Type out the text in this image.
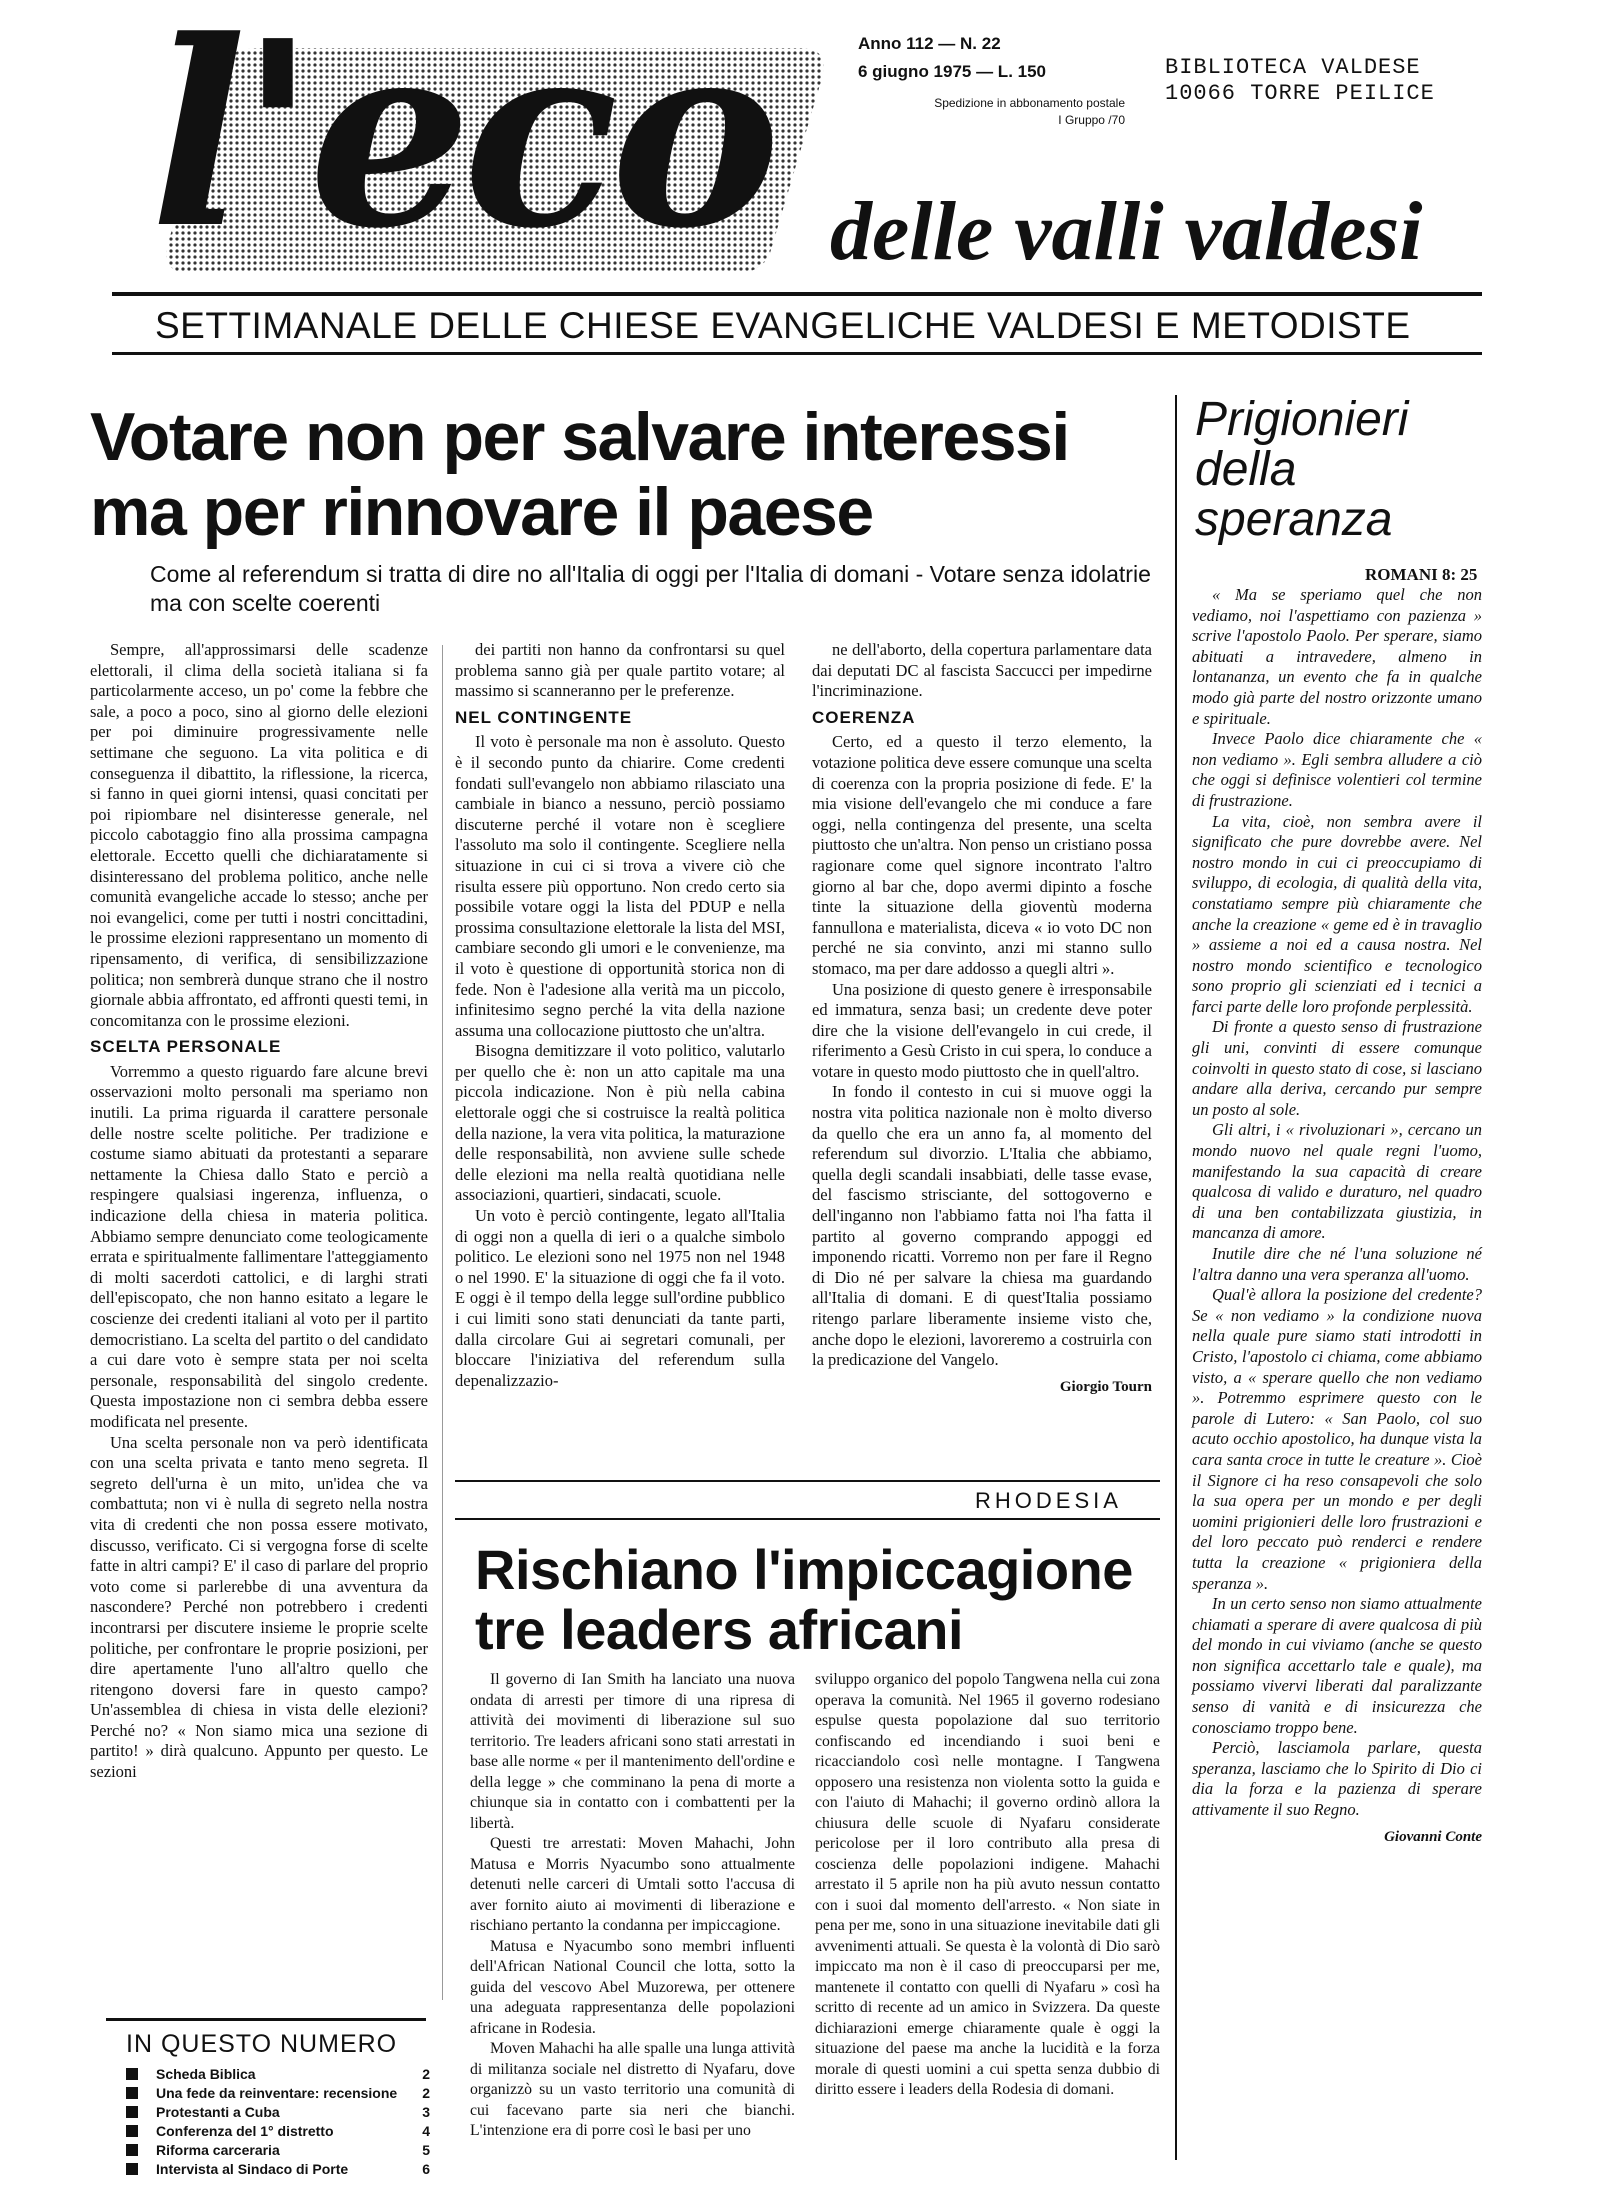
l'eco delle valli valdesi
SETTIMANALE DELLE CHIESE EVANGELICHE VALDESI E METODISTE
Anno 112 — N. 22
6 giugno 1975 — L. 150
Spedizione in abbonamento postale
I Gruppo /70
BIBLIOTECA VALDESE
10066 TORRE PEILICE
Votare non per salvare interessi ma per rinnovare il paese
Come al referendum si tratta di dire no all'Italia di oggi per l'Italia di domani - Votare senza idolatrie ma con scelte coerenti

Sempre, all'approssimarsi delle scadenze elettorali, il clima della società italiana si fa particolarmente acceso, un po' come la febbre che sale, a poco a poco, sino al giorno delle elezioni per poi diminuire progressivamente nelle settimane che seguono. La vita politica e di conseguenza il dibattito, la riflessione, la ricerca, si fanno in quei giorni intensi, quasi concitati per poi ripiombare nel disinteresse generale, nel piccolo cabotaggio fino alla prossima campagna elettorale. Eccetto quelli che dichiaratamente si disinteressano del problema politico, anche nelle comunità evangeliche accade lo stesso; anche per noi evangelici, come per tutti i nostri concittadini, le prossime elezioni rappresentano un momento di ripensamento, di verifica, di sensibilizzazione politica; non sembrerà dunque strano che il nostro giornale abbia affrontato, ed affronti questi temi, in concomitanza con le prossime elezioni.

SCELTA PERSONALE

Vorremmo a questo riguardo fare alcune brevi osservazioni molto personali ma speriamo non inutili. La prima riguarda il carattere personale delle nostre scelte politiche. Per tradizione e costume siamo abituati da protestanti a separare nettamente la Chiesa dallo Stato e perciò a respingere qualsiasi ingerenza, influenza, o indicazione della chiesa in materia politica. Abbiamo sempre denunciato come teologicamente errata e spiritualmente fallimentare l'atteggiamento di molti sacerdoti cattolici, e di larghi strati dell'episcopato, che non hanno esitato a legare le coscienze dei credenti italiani al voto per il partito democristiano. La scelta del partito o del candidato a cui dare voto è sempre stata per noi scelta personale, responsabilità del singolo credente. Questa impostazione non ci sembra debba essere modificata nel presente.

Una scelta personale non va però identificata con una scelta privata e tanto meno segreta. Il segreto dell'urna è un mito, un'idea che va combattuta; non vi è nulla di segreto nella nostra vita di credenti che non possa essere motivato, discusso, verificato. Ci si vergogna forse di scelte fatte in altri campi? E' il caso di parlare del proprio voto come si parlerebbe di una avventura da nascondere? Perché non potrebbero i credenti incontrarsi per discutere insieme le proprie scelte politiche, per confrontare le proprie posizioni, per dire apertamente l'uno all'altro quello che ritengono doversi fare in questo campo? Un'assemblea di chiesa in vista delle elezioni? Perché no? « Non siamo mica una sezione di partito! » dirà qualcuno. Appunto per questo. Le sezioni

dei partiti non hanno da confrontarsi su quel problema sanno già per quale partito votare; al massimo si scanneranno per le preferenze.

NEL CONTINGENTE

Il voto è personale ma non è assoluto. Questo è il secondo punto da chiarire. Come credenti fondati sull'evangelo non abbiamo rilasciato una cambiale in bianco a nessuno, perciò possiamo discuterne perché il votare non è scegliere l'assoluto ma solo il contingente. Scegliere nella situazione in cui ci si trova a vivere ciò che risulta essere più opportuno. Non credo certo sia possibile votare oggi la lista del PDUP e nella prossima consultazione elettorale la lista del MSI, cambiare secondo gli umori e le convenienze, ma il voto è questione di opportunità storica non di fede. Non è l'adesione alla verità ma un piccolo, infinitesimo segno perché la vita della nazione assuma una collocazione piuttosto che un'altra.

Bisogna demitizzare il voto politico, valutarlo per quello che è: non un atto capitale ma una piccola indicazione. Non è più nella cabina elettorale oggi che si costruisce la realtà politica della nazione, la vera vita politica, la maturazione delle responsabilità, non avviene sulle schede delle elezioni ma nella realtà quotidiana nelle associazioni, quartieri, sindacati, scuole.

Un voto è perciò contingente, legato all'Italia di oggi non a quella di ieri o a qualche simbolo politico. Le elezioni sono nel 1975 non nel 1948 o nel 1990. E' la situazione di oggi che fa il voto. E oggi è il tempo della legge sull'ordine pubblico i cui limiti sono stati denunciati da tante parti, dalla circolare Gui ai segretari comunali, per bloccare l'iniziativa del referendum sulla depenalizzazio-

ne dell'aborto, della copertura parlamentare data dai deputati DC al fascista Saccucci per impedirne l'incriminazione.

COERENZA

Certo, ed a questo il terzo elemento, la votazione politica deve essere comunque una scelta di coerenza con la propria posizione di fede. E' la mia visione dell'evangelo che mi conduce a fare oggi, nella contingenza del presente, una scelta piuttosto che un'altra. Non penso un cristiano possa ragionare come quel signore incontrato l'altro giorno al bar che, dopo avermi dipinto a fosche tinte la situazione della gioventù moderna fannullona e materialista, diceva « io voto DC non perché ne sia convinto, anzi mi stanno sullo stomaco, ma per dare addosso a quegli altri ».

Una posizione di questo genere è irresponsabile ed immatura, senza basi; un credente deve poter dire che la visione dell'evangelo in cui crede, il riferimento a Gesù Cristo in cui spera, lo conduce a votare in questo modo piuttosto che in quell'altro.

In fondo il contesto in cui si muove oggi la nostra vita politica nazionale non è molto diverso da quello che era un anno fa, al momento del referendum sul divorzio. L'Italia che abbiamo, quella degli scandali insabbiati, delle tasse evase, del fascismo strisciante, del sottogoverno e dell'inganno non l'abbiamo fatta noi l'ha fatta il partito al governo comprando appoggi ed imponendo ricatti. Vorremo non per fare il Regno di Dio né per salvare la chiesa ma guardando all'Italia di domani. E di quest'Italia possiamo ritengo parlare liberamente insieme visto che, anche dopo le elezioni, lavoreremo a costruirla con la predicazione del Vangelo.

Giorgio Tourn
Prigionieri della speranza
ROMANI 8: 25

« Ma se speriamo quel che non vediamo, noi l'aspettiamo con pazienza » scrive l'apostolo Paolo. Per sperare, siamo abituati a intravedere, almeno in lontananza, un evento che fa in qualche modo già parte del nostro orizzonte umano e spirituale.

Invece Paolo dice chiaramente che « non vediamo ». Egli sembra alludere a ciò che oggi si definisce volentieri col termine di frustrazione.

La vita, cioè, non sembra avere il significato che pure dovrebbe avere. Nel nostro mondo in cui ci preoccupiamo di sviluppo, di ecologia, di qualità della vita, constatiamo sempre più chiaramente che anche la creazione « geme ed è in travaglio » assieme a noi ed a causa nostra. Nel nostro mondo scientifico e tecnologico sono proprio gli scienziati ed i tecnici a farci parte delle loro profonde perplessità.

Di fronte a questo senso di frustrazione gli uni, convinti di essere comunque coinvolti in questo stato di cose, si lasciano andare alla deriva, cercando pur sempre un posto al sole.

Gli altri, i « rivoluzionari », cercano un mondo nuovo nel quale regni l'uomo, manifestando la sua capacità di creare qualcosa di valido e duraturo, nel quadro di una ben contabilizzata giustizia, in mancanza di amore.

Inutile dire che né l'una soluzione né l'altra danno una vera speranza all'uomo.

Qual'è allora la posizione del credente? Se « non vediamo » la condizione nuova nella quale pure siamo stati introdotti in Cristo, l'apostolo ci chiama, come abbiamo visto, a « sperare quello che non vediamo ». Potremmo esprimere questo con le parole di Lutero: « San Paolo, col suo acuto occhio apostolico, ha dunque vista la cara santa croce in tutte le creature ». Cioè il Signore ci ha reso consapevoli che solo la sua opera per un mondo e per degli uomini prigionieri delle loro frustrazioni e del loro peccato può renderci e rendere tutta la creazione « prigioniera della speranza ».

In un certo senso non siamo attualmente chiamati a sperare di avere qualcosa di più del mondo in cui viviamo (anche se questo non significa accettarlo tale e quale), ma possiamo vivervi liberati dal paralizzante senso di vanità e di insicurezza che conosciamo troppo bene.

Perciò, lasciamola parlare, questa speranza, lasciamo che lo Spirito di Dio ci dia la forza e la pazienza di sperare attivamente il suo Regno.

Giovanni Conte
RHODESIA
Rischiano l'impiccagione tre leaders africani

Il governo di Ian Smith ha lanciato una nuova ondata di arresti per timore di una ripresa di attività dei movimenti di liberazione sul suo territorio. Tre leaders africani sono stati arrestati in base alle norme « per il mantenimento dell'ordine e della legge » che comminano la pena di morte a chiunque sia in contatto con i combattenti per la libertà.

Questi tre arrestati: Moven Mahachi, John Matusa e Morris Nyacumbo sono attualmente detenuti nelle carceri di Umtali sotto l'accusa di aver fornito aiuto ai movimenti di liberazione e rischiano pertanto la condanna per impiccagione.

Matusa e Nyacumbo sono membri influenti dell'African National Council che lotta, sotto la guida del vescovo Abel Muzorewa, per ottenere una adeguata rappresentanza delle popolazioni africane in Rodesia.

Moven Mahachi ha alle spalle una lunga attività di militanza sociale nel distretto di Nyafaru, dove organizzò su un vasto territorio una comunità di cui facevano parte sia neri che bianchi. L'intenzione era di porre così le basi per uno

sviluppo organico del popolo Tangwena nella cui zona operava la comunità. Nel 1965 il governo rodesiano espulse questa popolazione dal suo territorio confiscando ed incendiando i suoi beni e ricacciandolo così nelle montagne. I Tangwena opposero una resistenza non violenta sotto la guida e con l'aiuto di Mahachi; il governo ordinò allora la chiusura delle scuole di Nyafaru considerate pericolose per il loro contributo alla presa di coscienza delle popolazioni indigene. Mahachi arrestato il 5 aprile non ha più avuto nessun contatto con i suoi dal momento dell'arresto. « Non siate in pena per me, sono in una situazione inevitabile dati gli avvenimenti attuali. Se questa è la volontà di Dio sarò impiccato ma non è il caso di preoccuparsi per me, mantenete il contatto con quelli di Nyafaru » così ha scritto di recente ad un amico in Svizzera. Da queste dichiarazioni emerge chiaramente quale è oggi la situazione del paese ma anche la lucidità e la forza morale di questi uomini a cui spetta senza dubbio di diritto essere i leaders della Rodesia di domani.

IN QUESTO NUMERO
Scheda Biblica	2
Una fede da reinventare: recensione	2
Protestanti a Cuba	3
Conferenza del 1° distretto	4
Riforma carceraria	5
Intervista al Sindaco di Porte	6
